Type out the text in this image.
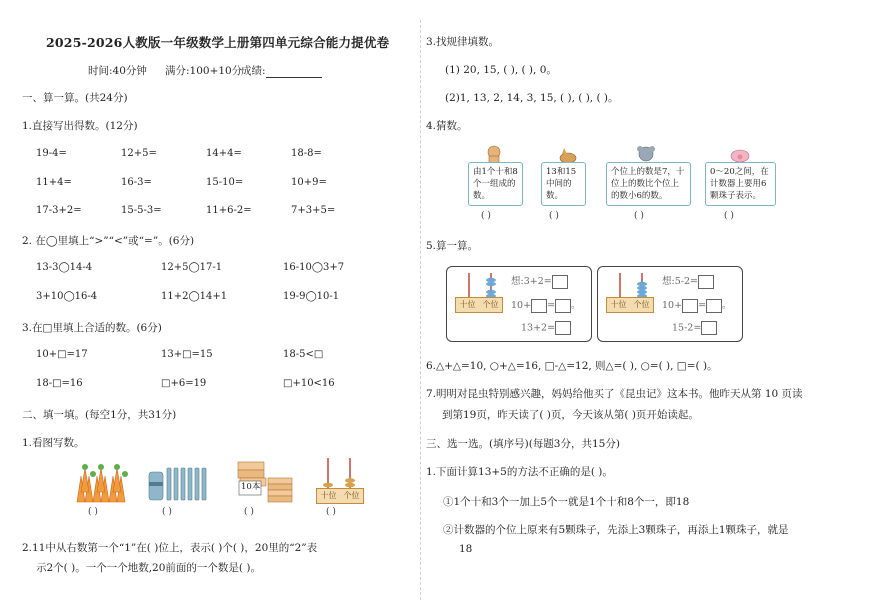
2025-2026人教版一年级数学上册第四单元综合能力提优卷
时间:40分钟 满分:100+10分
成绩:
一、算一算。(共24分)
1.直接写出得数。(12分)
19-4=	12+5=	14+4=	18-8=
11+4=	16-3=	15-10=	10+9=
17-3+2=	15-5-3=	11+6-2=	7+3+5=
2. 在◯里填上“>”“<”或“=”。(6分)
13-3◯14-4	12+5◯17-1	16-10◯3+7
3+10◯16-4	11+2◯14+1	19-9◯10-1
3.在□里填上合适的数。(6分)
10+□=17	13+□=15	18-5<□
18-□=16	□+6=19	□+10<16
二、填一填。(每空1分，共31分)
1.看图写数。
( )	( )
10本
( )
十位 个位
( )
2.11中从右数第一个“1”在( )位上，表示( )个( )，20里的“2”表
示2个( )。一个一个地数,20前面的一个数是( )。
3.找规律填数。
(1) 20, 15, ( ), ( ), 0。
(2)1, 13, 2, 14, 3, 15, ( ), ( ), ( )。
4.猜数。
由1个十和8个一组成的数。
( )
13和15中间的数。
( )
个位上的数是7，十位上的数比个位上的数小6的数。
( )
0～20之间，在计数器上要用6颗珠子表示。
( )
5.算一算。
十位 个位
想:3+2=
10+ = 。
13+2=
十位 个位
想:5-2=
10+ = 。
15-2=
6.△+△=10, ○+△=16, □-△=12, 则△=( ), ○=( ), □=( )。
7.明明对昆虫特别感兴趣，妈妈给他买了《昆虫记》这本书。他昨天从第 10 页读
到第19页，昨天读了( )页，今天该从第( )页开始读起。
三、选一选。(填序号)(每题3分，共15分)
1.下面计算13+5的方法不正确的是( )。
①1个十和3个一加上5个一就是1个十和8个一，即18
②计数器的个位上原来有5颗珠子，先添上3颗珠子，再添上1颗珠子，就是
18
